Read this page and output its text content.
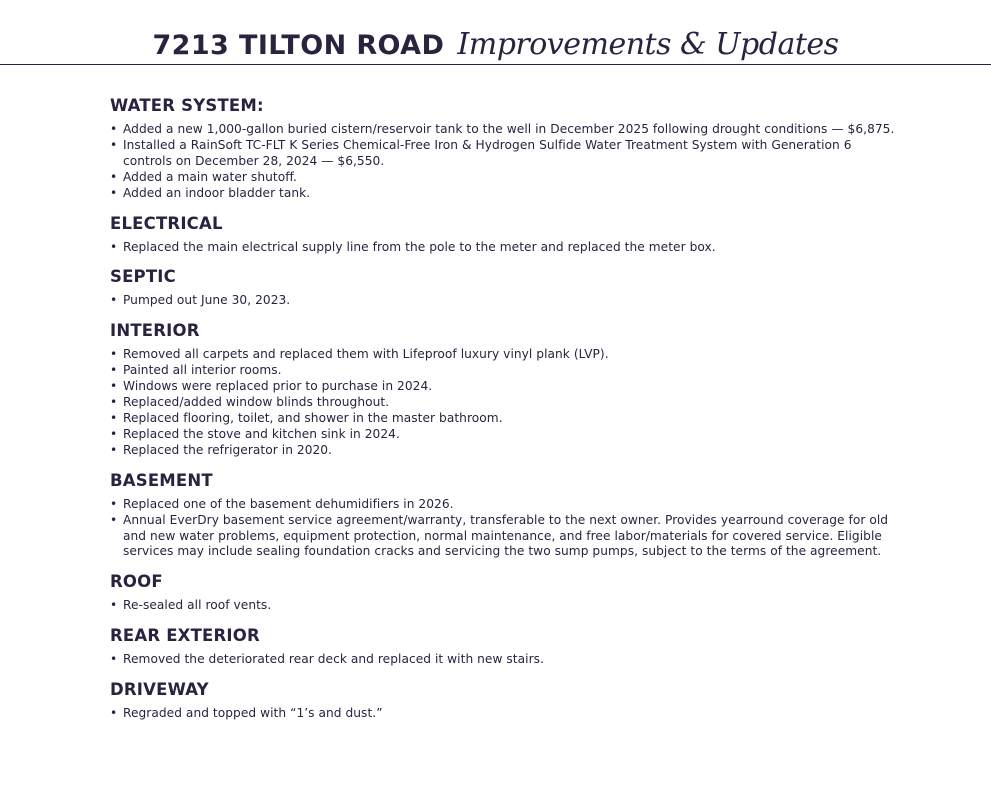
7213 TILTON ROAD Improvements & Updates
WATER SYSTEM:
• Added a new 1,000-gallon buried cistern/reservoir tank to the well in December 2025 following drought conditions — $6,875.
• Installed a RainSoft TC-FLT K Series Chemical-Free Iron & Hydrogen Sulfide Water Treatment System with Generation 6 controls on December 28, 2024 — $6,550.
• Added a main water shutoff.
• Added an indoor bladder tank.
ELECTRICAL
• Replaced the main electrical supply line from the pole to the meter and replaced the meter box.
SEPTIC
• Pumped out June 30, 2023.
INTERIOR
• Removed all carpets and replaced them with Lifeproof luxury vinyl plank (LVP).
• Painted all interior rooms.
• Windows were replaced prior to purchase in 2024.
• Replaced/added window blinds throughout.
• Replaced flooring, toilet, and shower in the master bathroom.
• Replaced the stove and kitchen sink in 2024.
• Replaced the refrigerator in 2020.
BASEMENT
• Replaced one of the basement dehumidifiers in 2026.
• Annual EverDry basement service agreement/warranty, transferable to the next owner. Provides yearround coverage for old and new water problems, equipment protection, normal maintenance, and free labor/materials for covered service. Eligible services may include sealing foundation cracks and servicing the two sump pumps, subject to the terms of the agreement.
ROOF
• Re-sealed all roof vents.
REAR EXTERIOR
• Removed the deteriorated rear deck and replaced it with new stairs.
DRIVEWAY
• Regraded and topped with “1’s and dust.”
